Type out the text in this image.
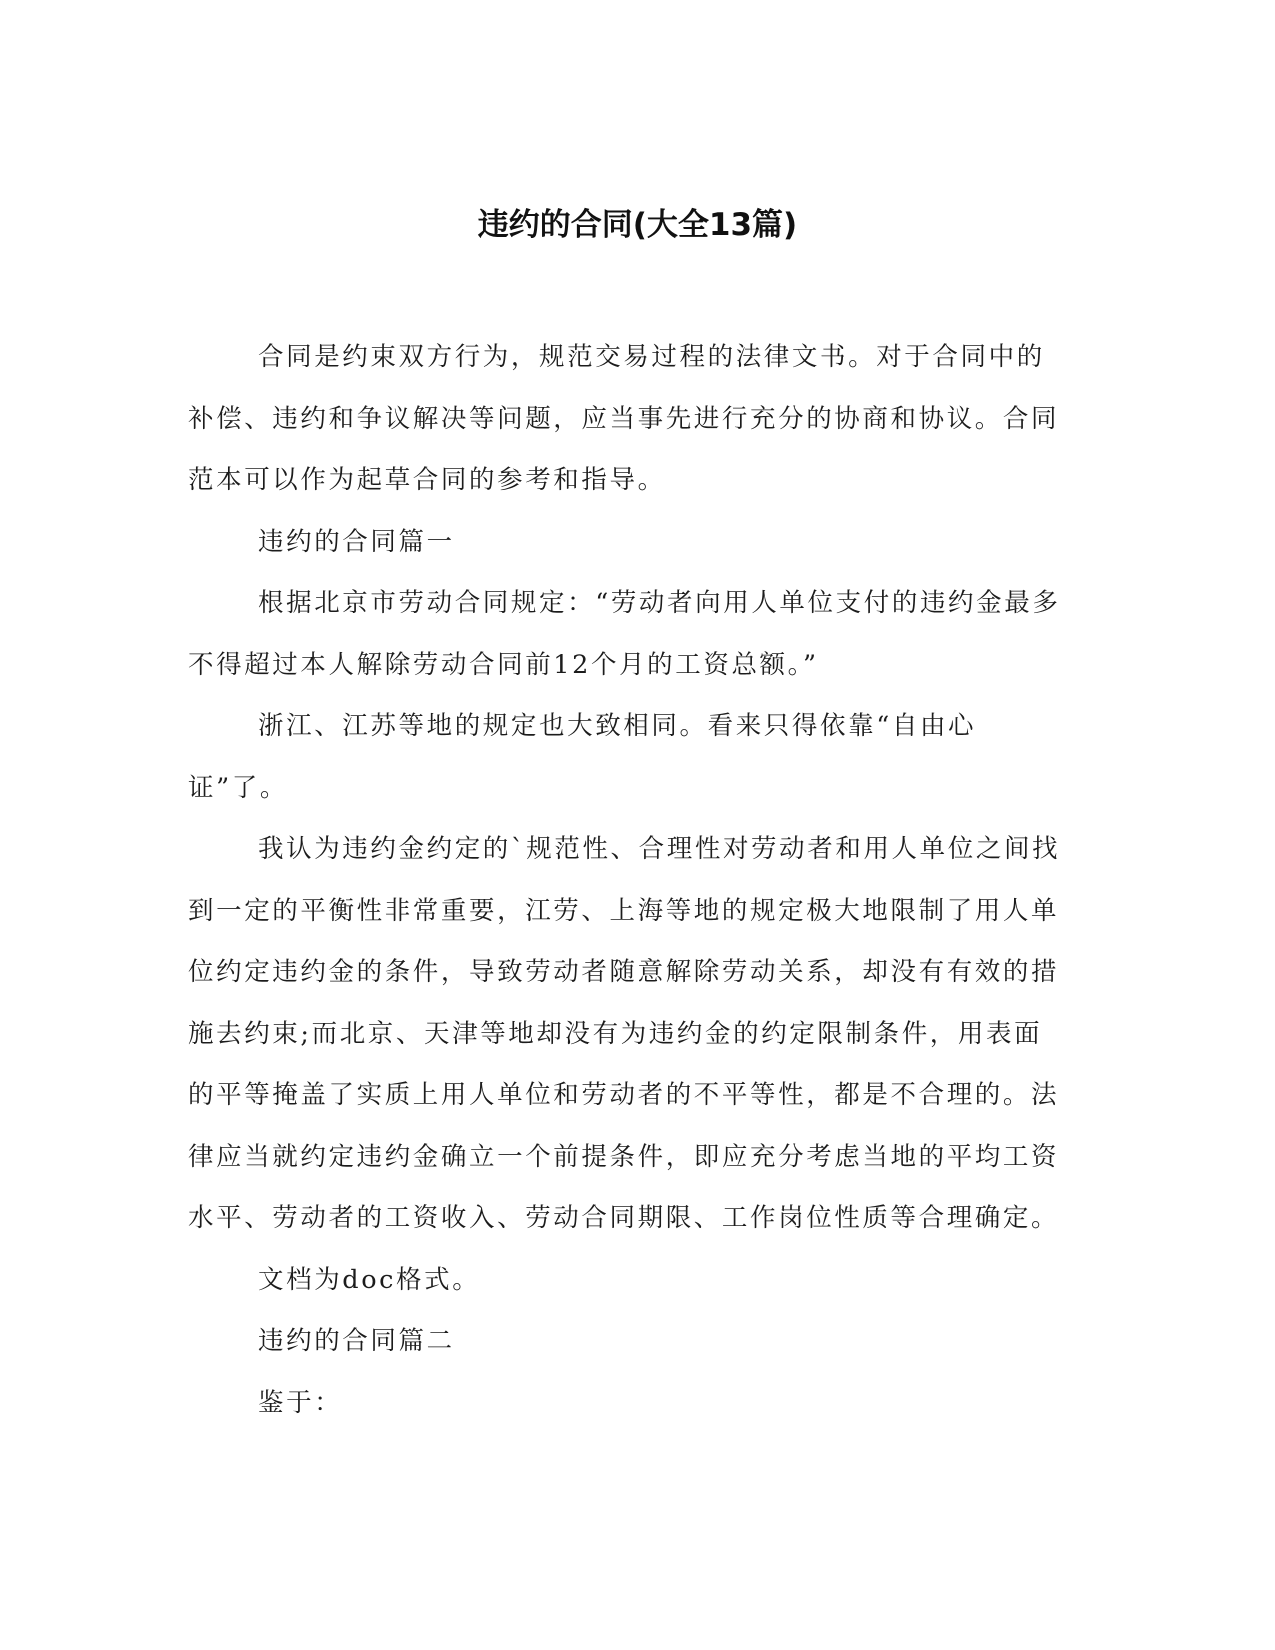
违约的合同(大全13篇)

合同是约束双方行为，规范交易过程的法律文书。对于合同中的补偿、违约和争议解决等问题，应当事先进行充分的协商和协议。合同范本可以作为起草合同的参考和指导。

违约的合同篇一

根据北京市劳动合同规定：“劳动者向用人单位支付的违约金最多不得超过本人解除劳动合同前12个月的工资总额。”

浙江、江苏等地的规定也大致相同。看来只得依靠“自由心证”了。

我认为违约金约定的`规范性、合理性对劳动者和用人单位之间找到一定的平衡性非常重要，江劳、上海等地的规定极大地限制了用人单位约定违约金的条件，导致劳动者随意解除劳动关系，却没有有效的措施去约束;而北京、天津等地却没有为违约金的约定限制条件，用表面的平等掩盖了实质上用人单位和劳动者的不平等性，都是不合理的。法律应当就约定违约金确立一个前提条件，即应充分考虑当地的平均工资水平、劳动者的工资收入、劳动合同期限、工作岗位性质等合理确定。

文档为doc格式。

违约的合同篇二

鉴于：
